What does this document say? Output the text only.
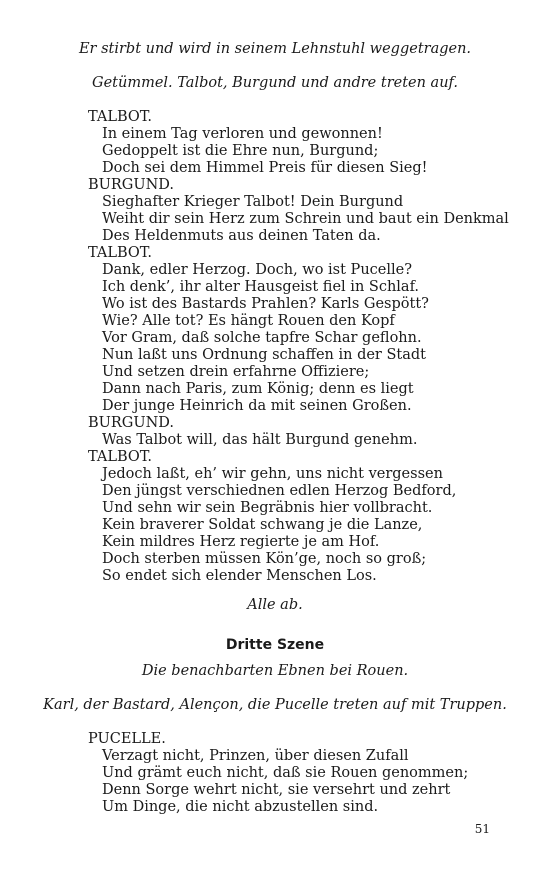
Er stirbt und wird in seinem Lehnstuhl weggetragen.
Getümmel. Talbot, Burgund und andre treten auf.
TALBOT.
In einem Tag verloren und gewonnen!
Gedoppelt ist die Ehre nun, Burgund;
Doch sei dem Himmel Preis für diesen Sieg!
BURGUND.
Sieghafter Krieger Talbot! Dein Burgund
Weiht dir sein Herz zum Schrein und baut ein Denkmal
Des Heldenmuts aus deinen Taten da.
TALBOT.
Dank, edler Herzog. Doch, wo ist Pucelle?
Ich denk’, ihr alter Hausgeist fiel in Schlaf.
Wo ist des Bastards Prahlen? Karls Gespött?
Wie? Alle tot? Es hängt Rouen den Kopf
Vor Gram, daß solche tapfre Schar geflohn.
Nun laßt uns Ordnung schaffen in der Stadt
Und setzen drein erfahrne Offiziere;
Dann nach Paris, zum König; denn es liegt
Der junge Heinrich da mit seinen Großen.
BURGUND.
Was Talbot will, das hält Burgund genehm.
TALBOT.
Jedoch laßt, eh’ wir gehn, uns nicht vergessen
Den jüngst verschiednen edlen Herzog Bedford,
Und sehn wir sein Begräbnis hier vollbracht.
Kein braverer Soldat schwang je die Lanze,
Kein mildres Herz regierte je am Hof.
Doch sterben müssen Kön’ge, noch so groß;
So endet sich elender Menschen Los.
Alle ab.
Dritte Szene
Die benachbarten Ebnen bei Rouen.
Karl, der Bastard, Alençon, die Pucelle treten auf mit Truppen.
PUCELLE.
Verzagt nicht, Prinzen, über diesen Zufall
Und grämt euch nicht, daß sie Rouen genommen;
Denn Sorge wehrt nicht, sie versehrt und zehrt
Um Dinge, die nicht abzustellen sind.
51
